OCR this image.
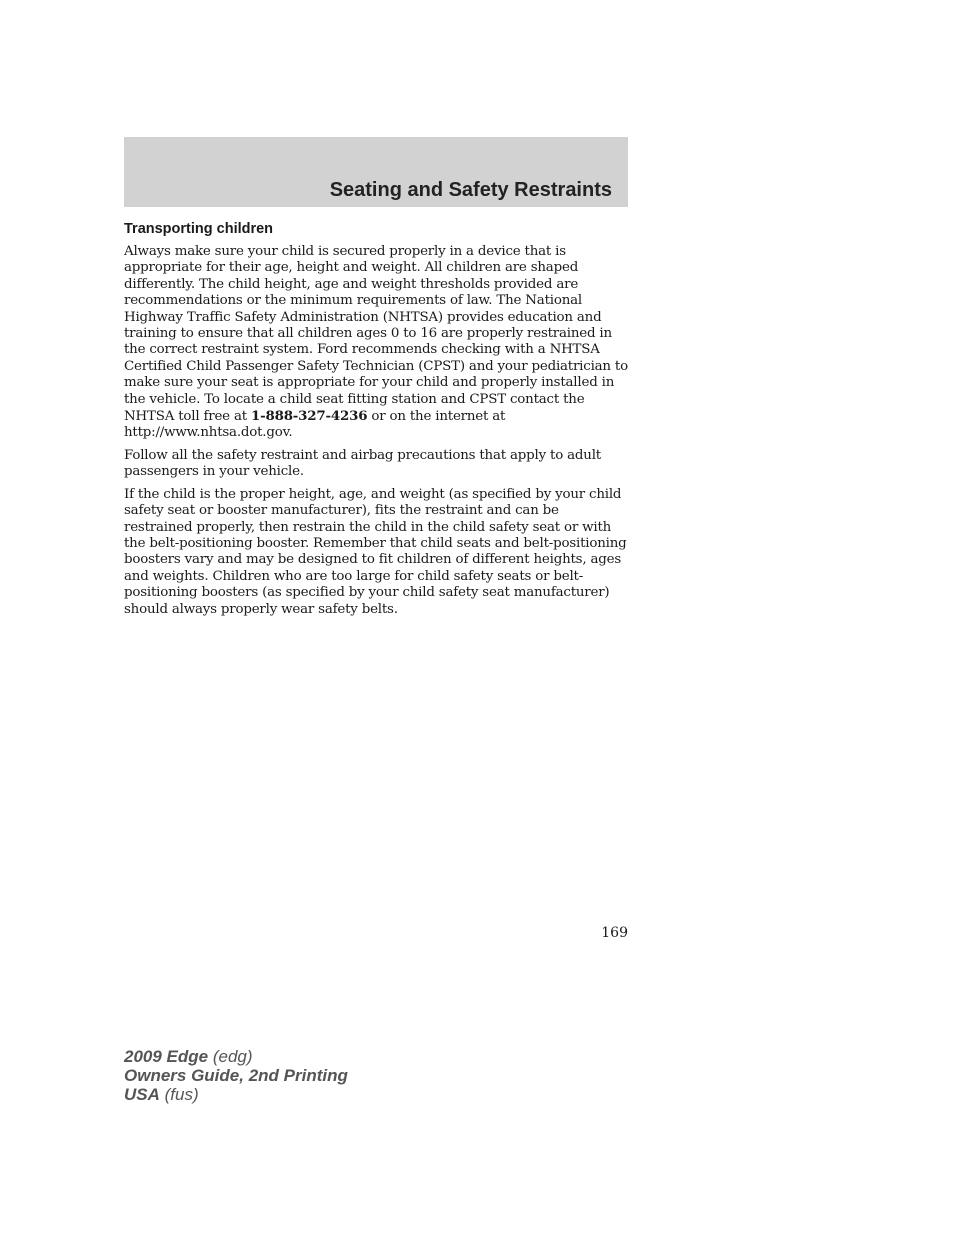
Seating and Safety Restraints
Transporting children

Always make sure your child is secured properly in a device that is appropriate for their age, height and weight. All children are shaped differently. The child height, age and weight thresholds provided are recommendations or the minimum requirements of law. The National Highway Traffic Safety Administration (NHTSA) provides education and training to ensure that all children ages 0 to 16 are properly restrained in the correct restraint system. Ford recommends checking with a NHTSA Certified Child Passenger Safety Technician (CPST) and your pediatrician to make sure your seat is appropriate for your child and properly installed in the vehicle. To locate a child seat fitting station and CPST contact the NHTSA toll free at 1-888-327-4236 or on the internet at http://www.nhtsa.dot.gov.

Follow all the safety restraint and airbag precautions that apply to adult passengers in your vehicle.

If the child is the proper height, age, and weight (as specified by your child safety seat or booster manufacturer), fits the restraint and can be restrained properly, then restrain the child in the child safety seat or with the belt-positioning booster. Remember that child seats and belt-positioning boosters vary and may be designed to fit children of different heights, ages and weights. Children who are too large for child safety seats or belt-positioning boosters (as specified by your child safety seat manufacturer) should always properly wear safety belts.

169
2009 Edge (edg)
Owners Guide, 2nd Printing
USA (fus)
